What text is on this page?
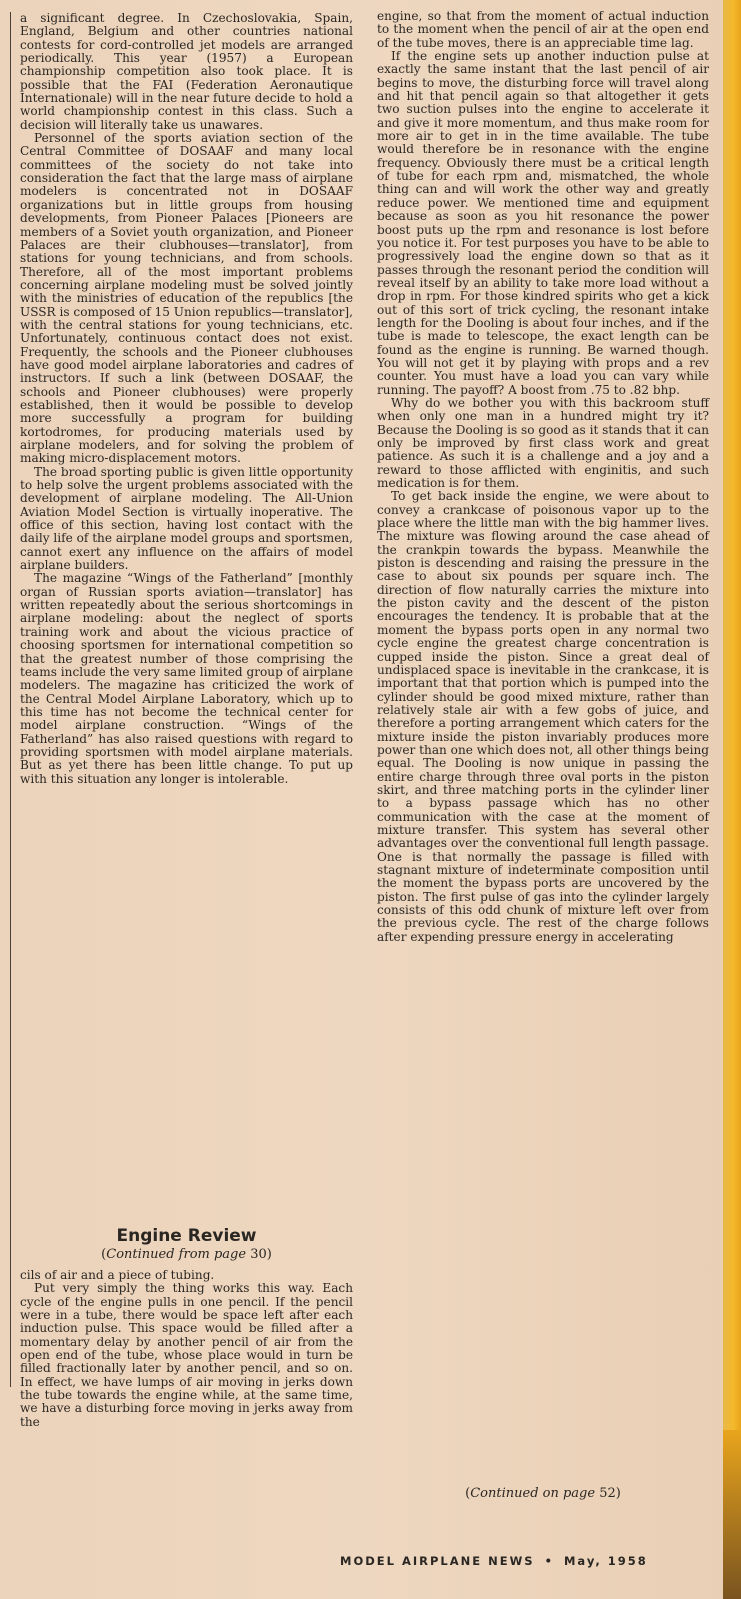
a significant degree. In Czechoslovakia, Spain, England, Belgium and other countries national contests for cord-controlled jet models are arranged periodically. This year (1957) a European championship competition also took place. It is possible that the FAI (Federation Aeronautique Internationale) will in the near future decide to hold a world championship contest in this class. Such a decision will literally take us unawares.

Personnel of the sports aviation section of the Central Committee of DOSAAF and many local committees of the society do not take into consideration the fact that the large mass of airplane modelers is concentrated not in DOSAAF organizations but in little groups from housing developments, from Pioneer Palaces [Pioneers are members of a Soviet youth organization, and Pioneer Palaces are their clubhouses—translator], from stations for young technicians, and from schools. Therefore, all of the most important problems concerning airplane modeling must be solved jointly with the ministries of education of the republics [the USSR is composed of 15 Union republics—translator], with the central stations for young technicians, etc. Unfortunately, continuous contact does not exist. Frequently, the schools and the Pioneer clubhouses have good model airplane laboratories and cadres of instructors. If such a link (between DOSAAF, the schools and Pioneer clubhouses) were properly established, then it would be possible to develop more successfully a program for building kortodromes, for producing materials used by airplane modelers, and for solving the problem of making micro-displacement motors.

The broad sporting public is given little opportunity to help solve the urgent problems associated with the development of airplane modeling. The All-Union Aviation Model Section is virtually inoperative. The office of this section, having lost contact with the daily life of the airplane model groups and sportsmen, cannot exert any influence on the affairs of model airplane builders.

The magazine “Wings of the Fatherland” [monthly organ of Russian sports aviation—translator] has written repeatedly about the serious shortcomings in airplane modeling: about the neglect of sports training work and about the vicious practice of choosing sportsmen for international competition so that the greatest number of those comprising the teams include the very same limited group of airplane modelers. The magazine has criticized the work of the Central Model Airplane Laboratory, which up to this time has not become the technical center for model airplane construction. “Wings of the Fatherland” has also raised questions with regard to providing sportsmen with model airplane materials. But as yet there has been little change. To put up with this situation any longer is intolerable.

Engine Review
(Continued from page 30)

cils of air and a piece of tubing.

Put very simply the thing works this way. Each cycle of the engine pulls in one pencil. If the pencil were in a tube, there would be space left after each induction pulse. This space would be filled after a momentary delay by another pencil of air from the open end of the tube, whose place would in turn be filled fractionally later by another pencil, and so on. In effect, we have lumps of air moving in jerks down the tube towards the engine while, at the same time, we have a disturbing force moving in jerks away from the

engine, so that from the moment of actual induction to the moment when the pencil of air at the open end of the tube moves, there is an appreciable time lag.

If the engine sets up another induction pulse at exactly the same instant that the last pencil of air begins to move, the disturbing force will travel along and hit that pencil again so that altogether it gets two suction pulses into the engine to accelerate it and give it more momentum, and thus make room for more air to get in in the time available. The tube would therefore be in resonance with the engine frequency. Obviously there must be a critical length of tube for each rpm and, mismatched, the whole thing can and will work the other way and greatly reduce power. We mentioned time and equipment because as soon as you hit resonance the power boost puts up the rpm and resonance is lost before you notice it. For test purposes you have to be able to progressively load the engine down so that as it passes through the resonant period the condition will reveal itself by an ability to take more load without a drop in rpm. For those kindred spirits who get a kick out of this sort of trick cycling, the resonant intake length for the Dooling is about four inches, and if the tube is made to telescope, the exact length can be found as the engine is running. Be warned though. You will not get it by playing with props and a rev counter. You must have a load you can vary while running. The payoff? A boost from .75 to .82 bhp.

Why do we bother you with this backroom stuff when only one man in a hundred might try it? Because the Dooling is so good as it stands that it can only be improved by first class work and great patience. As such it is a challenge and a joy and a reward to those afflicted with enginitis, and such medication is for them.

To get back inside the engine, we were about to convey a crankcase of poisonous vapor up to the place where the little man with the big hammer lives. The mixture was flowing around the case ahead of the crankpin towards the bypass. Meanwhile the piston is descending and raising the pressure in the case to about six pounds per square inch. The direction of flow naturally carries the mixture into the piston cavity and the descent of the piston encourages the tendency. It is probable that at the moment the bypass ports open in any normal two cycle engine the greatest charge concentration is cupped inside the piston. Since a great deal of undisplaced space is inevitable in the crankcase, it is important that that portion which is pumped into the cylinder should be good mixed mixture, rather than relatively stale air with a few gobs of juice, and therefore a porting arrangement which caters for the mixture inside the piston invariably produces more power than one which does not, all other things being equal. The Dooling is now unique in passing the entire charge through three oval ports in the piston skirt, and three matching ports in the cylinder liner to a bypass passage which has no other communication with the case at the moment of mixture transfer. This system has several other advantages over the conventional full length passage. One is that normally the passage is filled with stagnant mixture of indeterminate composition until the moment the bypass ports are uncovered by the piston. The first pulse of gas into the cylinder largely consists of this odd chunk of mixture left over from the previous cycle. The rest of the charge follows after expending pressure energy in accelerating

(Continued on page 52)
MODEL AIRPLANE NEWS • May, 1958
